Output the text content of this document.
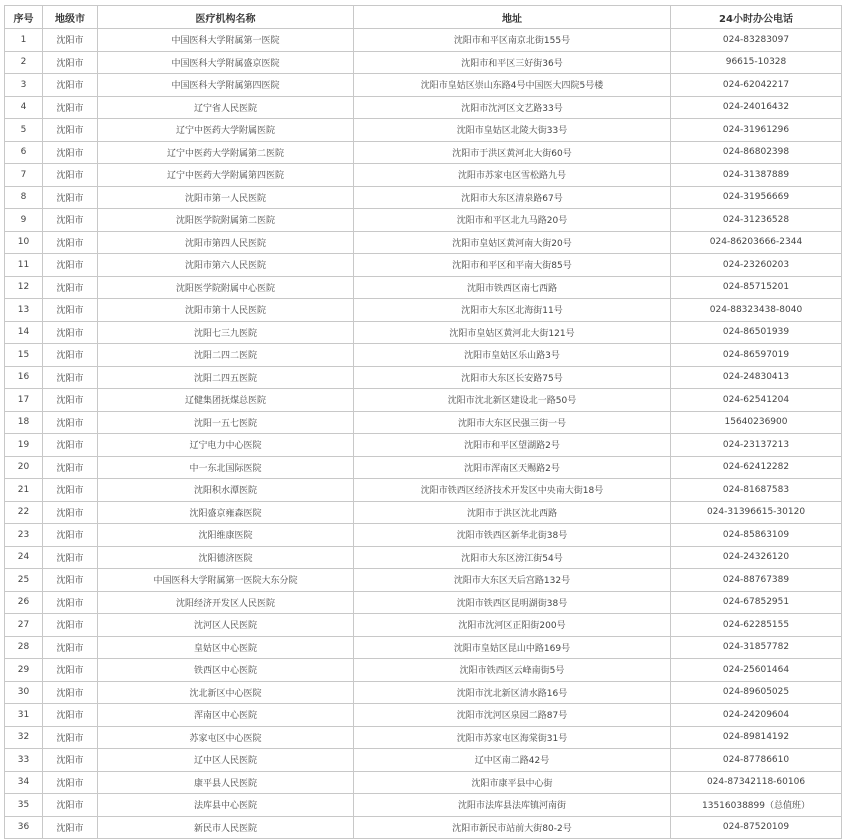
序号	地级市	医疗机构名称	地址	24小时办公电话
1	沈阳市	中国医科大学附属第一医院	沈阳市和平区南京北街155号	024-83283097
2	沈阳市	中国医科大学附属盛京医院	沈阳市和平区三好街36号	96615-10328
3	沈阳市	中国医科大学附属第四医院	沈阳市皇姑区崇山东路4号中国医大四院5号楼	024-62042217
4	沈阳市	辽宁省人民医院	沈阳市沈河区文艺路33号	024-24016432
5	沈阳市	辽宁中医药大学附属医院	沈阳市皇姑区北陵大街33号	024-31961296
6	沈阳市	辽宁中医药大学附属第二医院	沈阳市于洪区黄河北大街60号	024-86802398
7	沈阳市	辽宁中医药大学附属第四医院	沈阳市苏家屯区雪松路九号	024-31387889
8	沈阳市	沈阳市第一人民医院	沈阳市大东区清泉路67号	024-31956669
9	沈阳市	沈阳医学院附属第二医院	沈阳市和平区北九马路20号	024-31236528
10	沈阳市	沈阳市第四人民医院	沈阳市皇姑区黄河南大街20号	024-86203666-2344
11	沈阳市	沈阳市第六人民医院	沈阳市和平区和平南大街85号	024-23260203
12	沈阳市	沈阳医学院附属中心医院	沈阳市铁西区南七西路	024-85715201
13	沈阳市	沈阳市第十人民医院	沈阳市大东区北海街11号	024-88323438-8040
14	沈阳市	沈阳七三九医院	沈阳市皇姑区黄河北大街121号	024-86501939
15	沈阳市	沈阳二四二医院	沈阳市皇姑区乐山路3号	024-86597019
16	沈阳市	沈阳二四五医院	沈阳市大东区长安路75号	024-24830413
17	沈阳市	辽健集团抚煤总医院	沈阳市沈北新区建设北一路50号	024-62541204
18	沈阳市	沈阳一五七医院	沈阳市大东区民强三街一号	15640236900
19	沈阳市	辽宁电力中心医院	沈阳市和平区望湖路2号	024-23137213
20	沈阳市	中一东北国际医院	沈阳市浑南区天赐路2号	024-62412282
21	沈阳市	沈阳积水潭医院	沈阳市铁西区经济技术开发区中央南大街18号	024-81687583
22	沈阳市	沈阳盛京雍森医院	沈阳市于洪区沈北西路	024-31396615-30120
23	沈阳市	沈阳维康医院	沈阳市铁西区新华北街38号	024-85863109
24	沈阳市	沈阳德济医院	沈阳市大东区滂江街54号	024-24326120
25	沈阳市	中国医科大学附属第一医院大东分院	沈阳市大东区天后宫路132号	024-88767389
26	沈阳市	沈阳经济开发区人民医院	沈阳市铁西区昆明湖街38号	024-67852951
27	沈阳市	沈河区人民医院	沈阳市沈河区正阳街200号	024-62285155
28	沈阳市	皇姑区中心医院	沈阳市皇姑区昆山中路169号	024-31857782
29	沈阳市	铁西区中心医院	沈阳市铁西区云峰南街5号	024-25601464
30	沈阳市	沈北新区中心医院	沈阳市沈北新区清水路16号	024-89605025
31	沈阳市	浑南区中心医院	沈阳市沈河区泉园二路87号	024-24209604
32	沈阳市	苏家屯区中心医院	沈阳市苏家屯区海棠街31号	024-89814192
33	沈阳市	辽中区人民医院	辽中区南二路42号	024-87786610
34	沈阳市	康平县人民医院	沈阳市康平县中心街	024-87342118-60106
35	沈阳市	法库县中心医院	沈阳市法库县法库镇河南街	13516038899（总值班）
36	沈阳市	新民市人民医院	沈阳市新民市站前大街80-2号	024-87520109
